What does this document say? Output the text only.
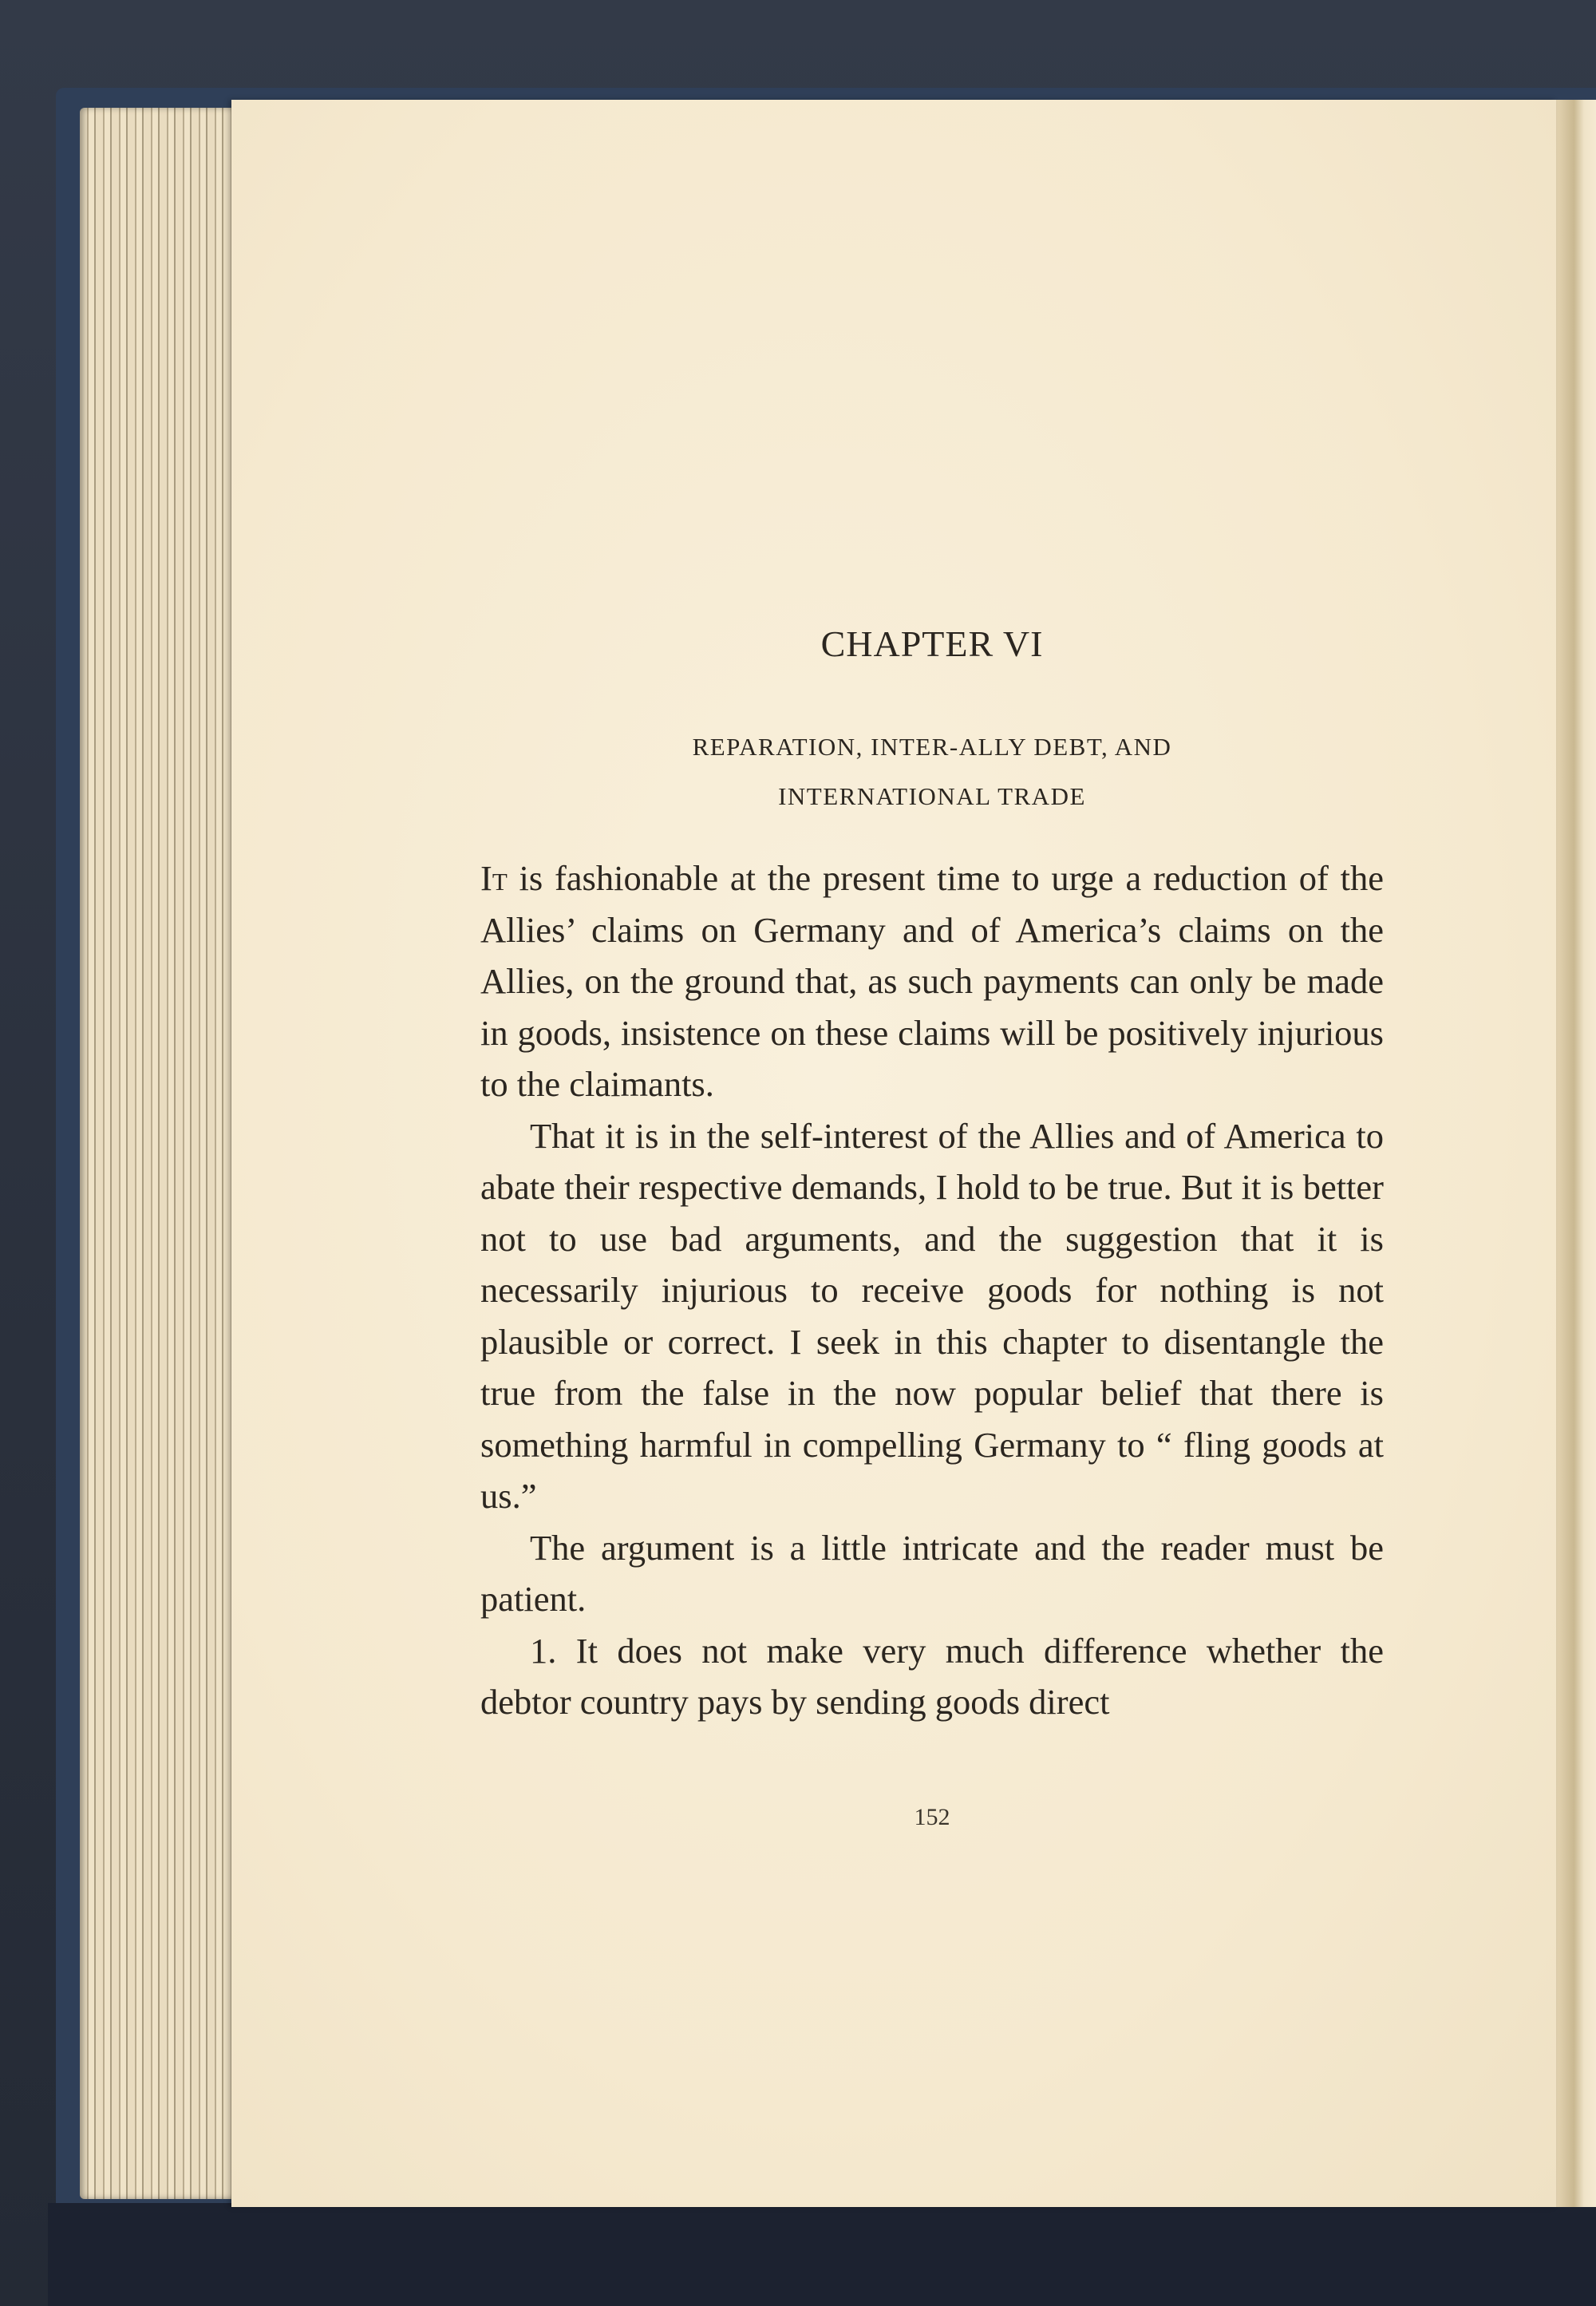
CHAPTER VI
REPARATION, INTER-ALLY DEBT, AND
INTERNATIONAL TRADE

It is fashionable at the present time to urge a reduction of the Allies’ claims on Germany and of America’s claims on the Allies, on the ground that, as such payments can only be made in goods, insistence on these claims will be positively injurious to the claimants.

That it is in the self-interest of the Allies and of America to abate their respective demands, I hold to be true. But it is better not to use bad arguments, and the suggestion that it is necessarily injurious to receive goods for nothing is not plausible or correct. I seek in this chapter to disentangle the true from the false in the now popular belief that there is something harmful in compelling Germany to “ fling goods at us.”

The argument is a little intricate and the reader must be patient.

1. It does not make very much difference whether the debtor country pays by sending goods direct

152
